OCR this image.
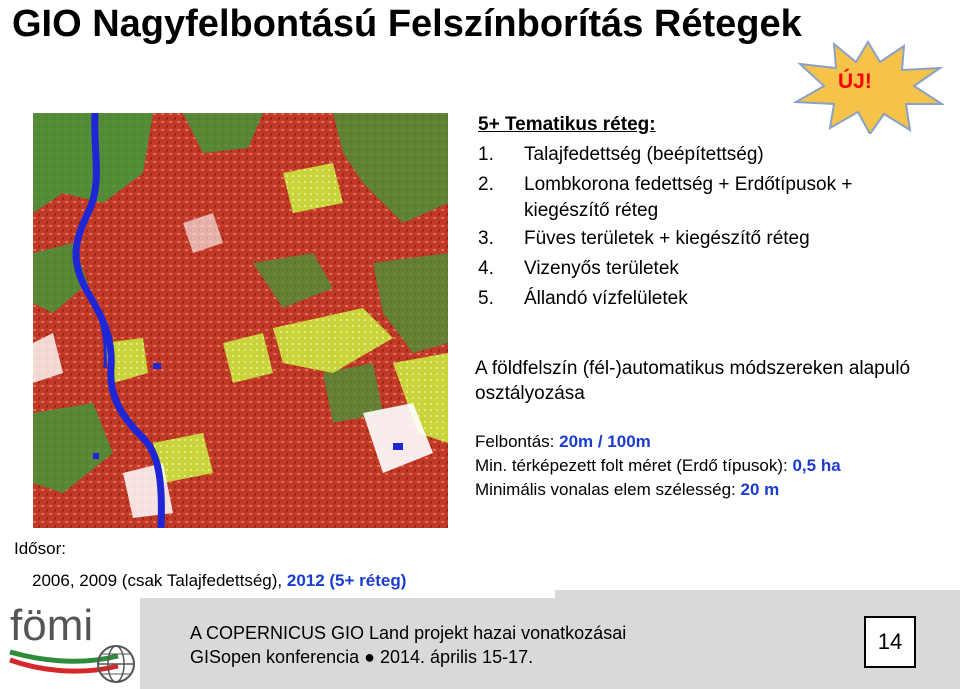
GIO Nagyfelbontású Felszínborítás Rétegek
ÚJ!
5+ Tematikus réteg:
1.	Talajfedettség (beépítettség)
2.	Lombkorona fedettség + Erdőtípusok + kiegészítő réteg
3.	Füves területek + kiegészítő réteg
4.	Vizenyős területek
5.	Állandó vízfelületek
A földfelszín (fél-)automatikus módszereken alapuló osztályozása
Felbontás: 20m / 100m
Min. térképezett folt méret (Erdő típusok): 0,5 ha
Minimális vonalas elem szélesség: 20 m
Idősor:
2006, 2009 (csak Talajfedettség), 2012 (5+ réteg)
fömi	A COPERNICUS GIO Land projekt hazai vonatkozásai
GISopen konferencia ● 2014. április 15-17.
14
